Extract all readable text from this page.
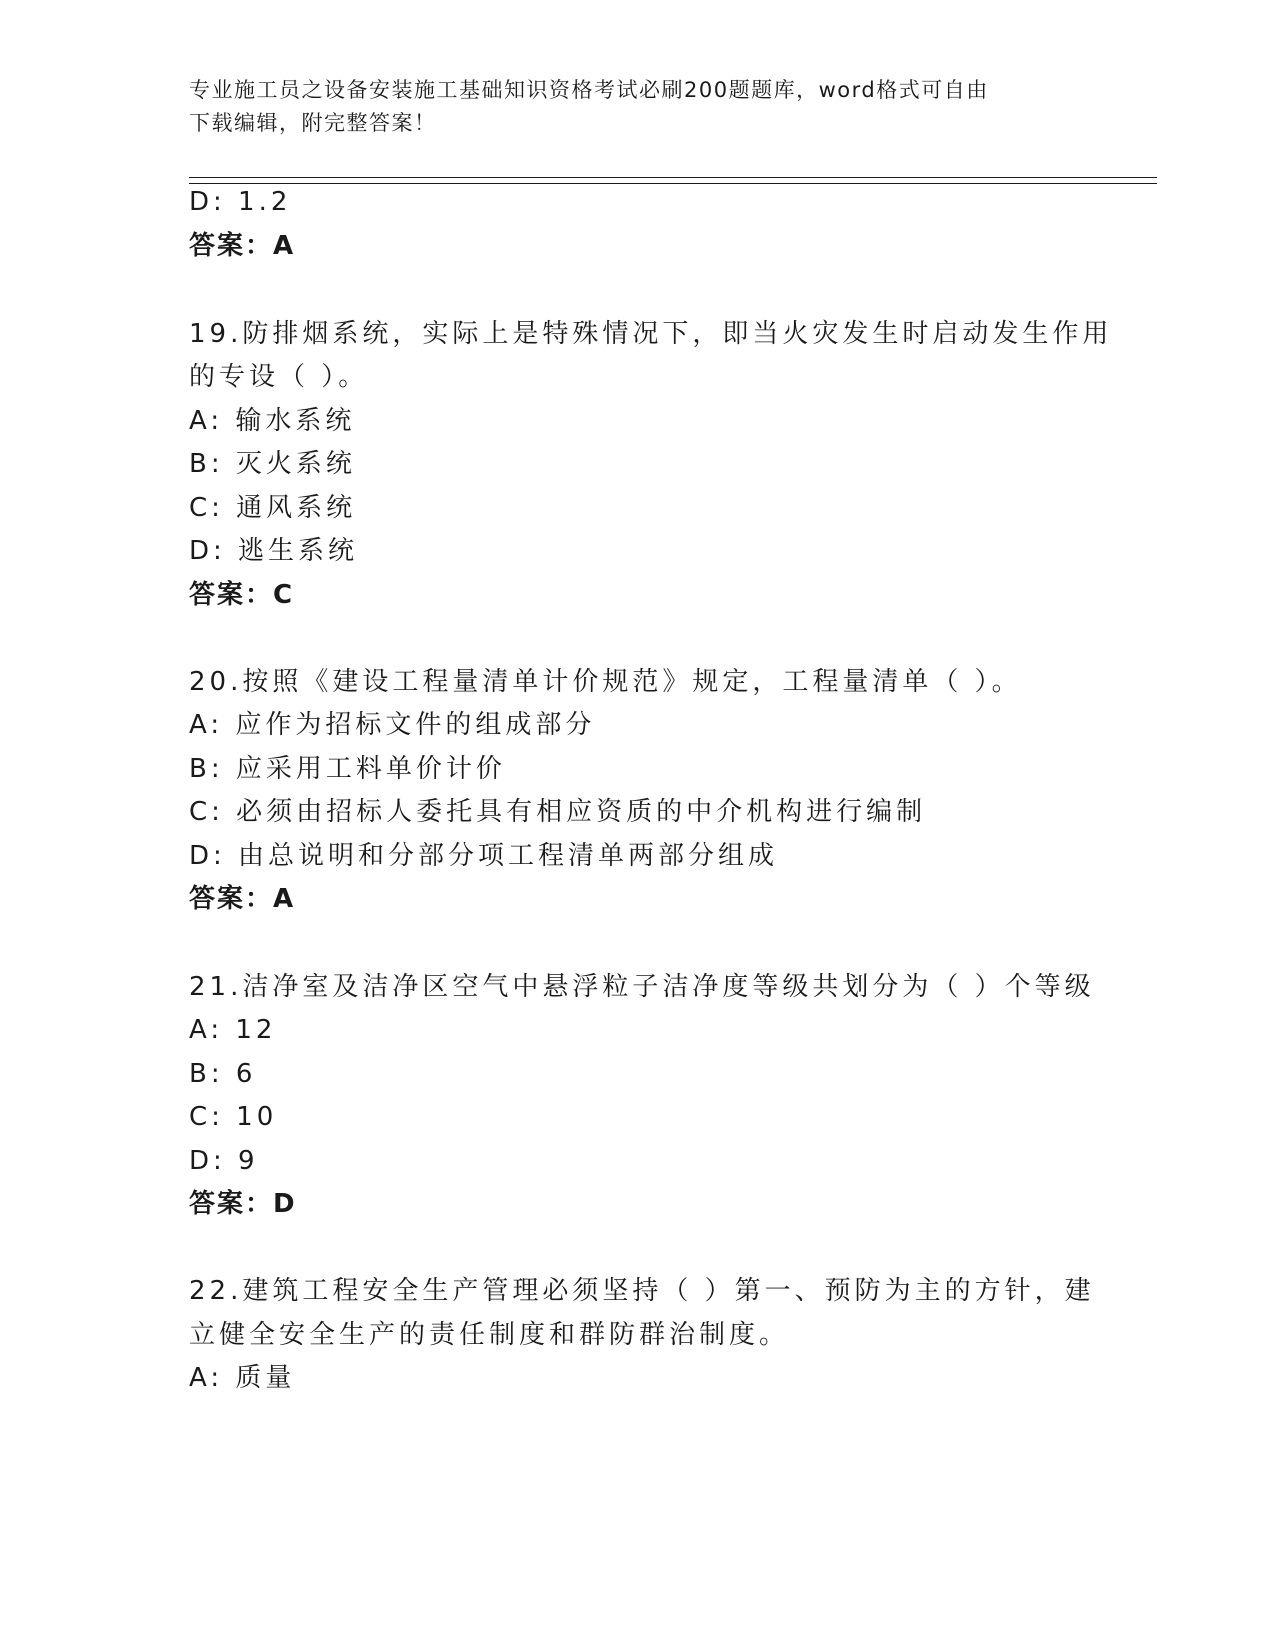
专业施工员之设备安装施工基础知识资格考试必刷200题题库，word格式可自由
下载编辑，附完整答案！
D: 1.2
答案：A
19.防排烟系统，实际上是特殊情况下，即当火灾发生时启动发生作用
的专设（ ）。
A: 输水系统
B: 灭火系统
C: 通风系统
D: 逃生系统
答案：C
20.按照《建设工程量清单计价规范》规定，工程量清单（ ）。
A: 应作为招标文件的组成部分
B: 应采用工料单价计价
C: 必须由招标人委托具有相应资质的中介机构进行编制
D: 由总说明和分部分项工程清单两部分组成
答案：A
21.洁净室及洁净区空气中悬浮粒子洁净度等级共划分为（ ）个等级
A: 12
B: 6
C: 10
D: 9
答案：D
22.建筑工程安全生产管理必须坚持（ ）第一、预防为主的方针，建
立健全安全生产的责任制度和群防群治制度。
A: 质量
